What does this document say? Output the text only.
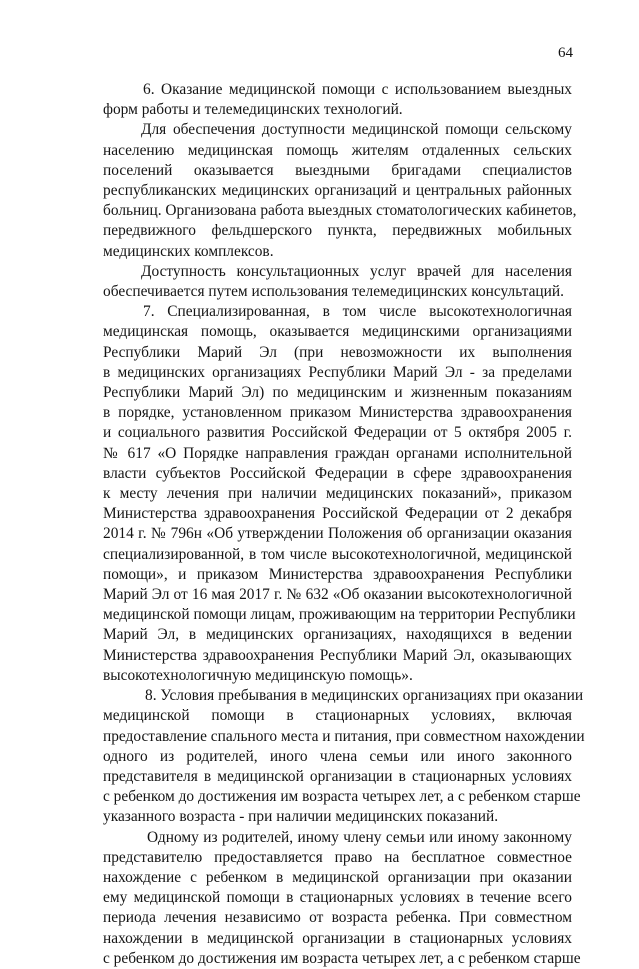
64

6. Оказание медицинской помощи с использованием выездных
форм работы и телемедицинских технологий.

Для обеспечения доступности медицинской помощи сельскому
населению медицинская помощь жителям отдаленных сельских
поселений оказывается выездными бригадами специалистов
республиканских медицинских организаций и центральных районных
больниц. Организована работа выездных стоматологических кабинетов,
передвижного фельдшерского пункта, передвижных мобильных
медицинских комплексов.

Доступность консультационных услуг врачей для населения
обеспечивается путем использования телемедицинских консультаций.

7. Специализированная, в том числе высокотехнологичная
медицинская помощь, оказывается медицинскими организациями
Республики Марий Эл (при невозможности их выполнения
в медицинских организациях Республики Марий Эл - за пределами
Республики Марий Эл) по медицинским и жизненным показаниям
в порядке, установленном приказом Министерства здравоохранения
и социального развития Российской Федерации от 5 октября 2005 г.
№ 617 «О Порядке направления граждан органами исполнительной
власти субъектов Российской Федерации в сфере здравоохранения
к месту лечения при наличии медицинских показаний», приказом
Министерства здравоохранения Российской Федерации от 2 декабря
2014 г. № 796н «Об утверждении Положения об организации оказания
специализированной, в том числе высокотехнологичной, медицинской
помощи», и приказом Министерства здравоохранения Республики
Марий Эл от 16 мая 2017 г. № 632 «Об оказании высокотехнологичной
медицинской помощи лицам, проживающим на территории Республики
Марий Эл, в медицинских организациях, находящихся в ведении
Министерства здравоохранения Республики Марий Эл, оказывающих
высокотехнологичную медицинскую помощь».

8. Условия пребывания в медицинских организациях при оказании
медицинской помощи в стационарных условиях, включая
предоставление спального места и питания, при совместном нахождении
одного из родителей, иного члена семьи или иного законного
представителя в медицинской организации в стационарных условиях
с ребенком до достижения им возраста четырех лет, а с ребенком старше
указанного возраста - при наличии медицинских показаний.

Одному из родителей, иному члену семьи или иному законному
представителю предоставляется право на бесплатное совместное
нахождение с ребенком в медицинской организации при оказании
ему медицинской помощи в стационарных условиях в течение всего
периода лечения независимо от возраста ребенка. При совместном
нахождении в медицинской организации в стационарных условиях
с ребенком до достижения им возраста четырех лет, а с ребенком старше
